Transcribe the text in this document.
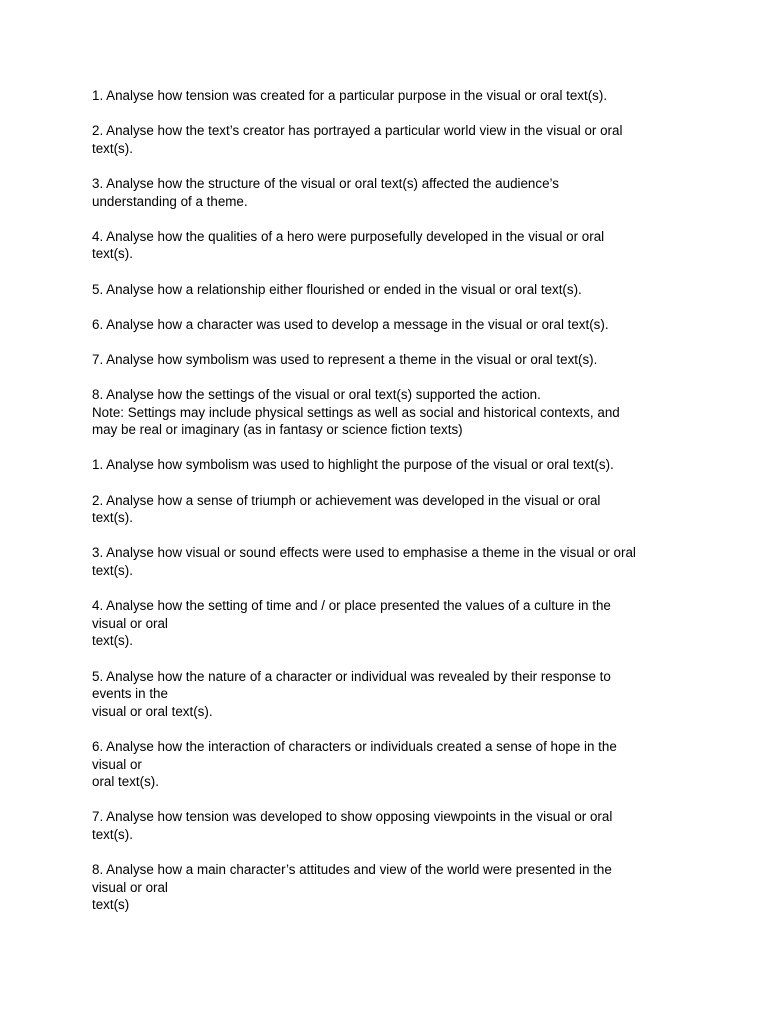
1. Analyse how tension was created for a particular purpose in the visual or oral text(s).

2. Analyse how the text’s creator has portrayed a particular world view in the visual or oral
text(s).

3. Analyse how the structure of the visual or oral text(s) affected the audience’s
understanding of a theme.

4. Analyse how the qualities of a hero were purposefully developed in the visual or oral
text(s).

5. Analyse how a relationship either flourished or ended in the visual or oral text(s).

6. Analyse how a character was used to develop a message in the visual or oral text(s).

7. Analyse how symbolism was used to represent a theme in the visual or oral text(s).

8. Analyse how the settings of the visual or oral text(s) supported the action.
Note: Settings may include physical settings as well as social and historical contexts, and
may be real or imaginary (as in fantasy or science fiction texts)

1. Analyse how symbolism was used to highlight the purpose of the visual or oral text(s).

2. Analyse how a sense of triumph or achievement was developed in the visual or oral
text(s).

3. Analyse how visual or sound effects were used to emphasise a theme in the visual or oral
text(s).

4. Analyse how the setting of time and / or place presented the values of a culture in the
visual or oral
text(s).

5. Analyse how the nature of a character or individual was revealed by their response to
events in the
visual or oral text(s).

6. Analyse how the interaction of characters or individuals created a sense of hope in the
visual or
oral text(s).

7. Analyse how tension was developed to show opposing viewpoints in the visual or oral
text(s).

8. Analyse how a main character’s attitudes and view of the world were presented in the
visual or oral
text(s)
